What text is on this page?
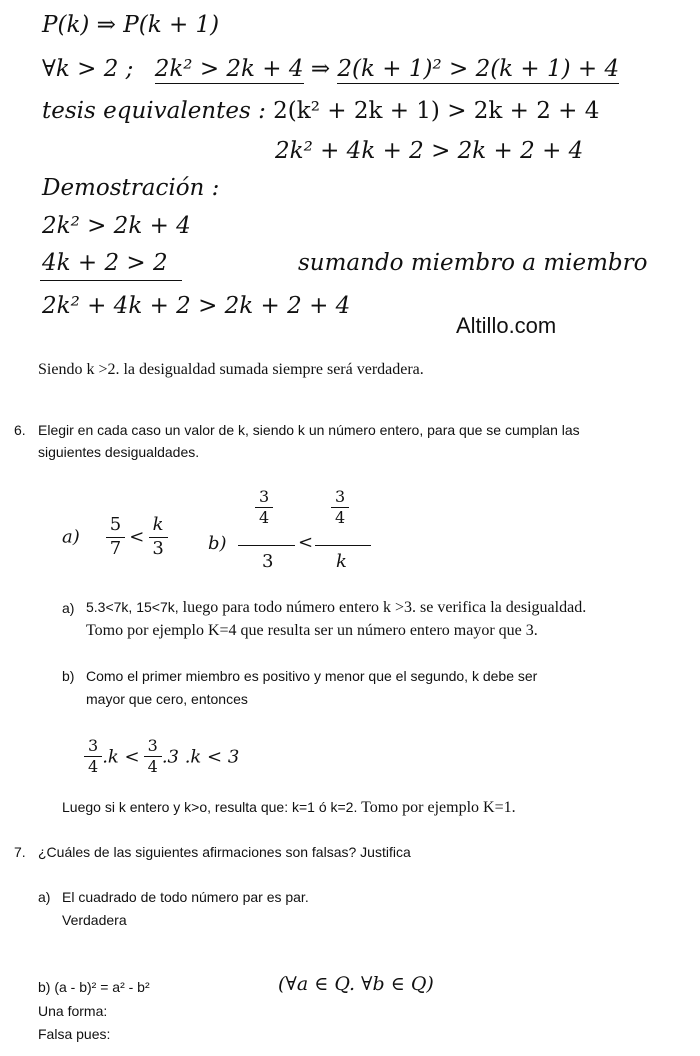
P(k) ⇒ P(k + 1)
∀k > 2 ; 2k² > 2k + 4 ⇒ 2(k + 1)² > 2(k + 1) + 4
tesis equivalentes : 2(k² + 2k + 1) > 2k + 2 + 4
2k² + 4k + 2 > 2k + 2 + 4
Demostración :
2k² > 2k + 4
4k + 2 > 2	sumando miembro a miembro
2k² + 4k + 2 > 2k + 2 + 4
Altillo.com
Siendo k >2. la desigualdad sumada siempre será verdadera.
6. Elegir en cada caso un valor de k, siendo k un número entero, para que se cumplan las
siguientes desigualdades.
$a) \frac{5}{7} < \frac{k}{3} b$)
$\frac{3}{4}$	$\frac{3}{4}$
<
3	k
a) 5.3<7k, 15<7k, luego para todo número entero k >3. se verifica la desigualdad.
Tomo por ejemplo K=4 que resulta ser un número entero mayor que 3.
b) Como el primer miembro es positivo y menor que el segundo, k debe ser
mayor que cero, entonces
$\frac{3}{4} .k < \frac{3}{4} .3$ .k < 3
Luego si k entero y k>o, resulta que: k=1 ó k=2. Tomo por ejemplo K=1.
7. ¿Cuáles de las siguientes afirmaciones son falsas? Justifica
a) El cuadrado de todo número par es par.
Verdadera
b) (a - b)² = a² - b²	(∀a ∈ Q. ∀b ∈ Q)
Una forma:
Falsa pues:
